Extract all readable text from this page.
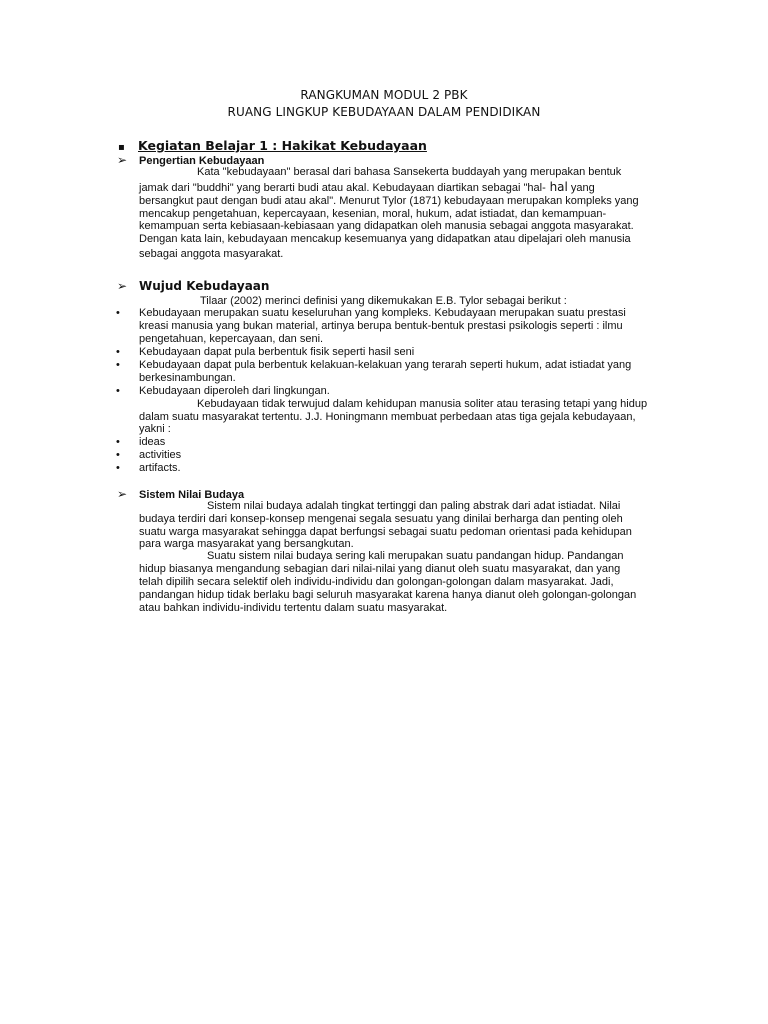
RANGKUMAN MODUL 2 PBK
RUANG LINGKUP KEBUDAYAAN DALAM PENDIDIKAN
▪ Kegiatan Belajar 1 : Hakikat Kebudayaan
➢ Pengertian Kebudayaan
Kata "kebudayaan" berasal dari bahasa Sansekerta buddayah yang merupakan bentuk
jamak dari "buddhi" yang berarti budi atau akal. Kebudayaan diartikan sebagai "hal- hal yang
bersangkut paut dengan budi atau akal". Menurut Tylor (1871) kebudayaan merupakan kompleks yang
mencakup pengetahuan, kepercayaan, kesenian, moral, hukum, adat istiadat, dan kemampuan-
kemampuan serta kebiasaan-kebiasaan yang didapatkan oleh manusia sebagai anggota masyarakat.
Dengan kata lain, kebudayaan mencakup kesemuanya yang didapatkan atau dipelajari oleh manusia
sebagai anggota masyarakat.
➢ Wujud Kebudayaan
Tilaar (2002) merinci definisi yang dikemukakan E.B. Tylor sebagai berikut :
• Kebudayaan merupakan suatu keseluruhan yang kompleks. Kebudayaan merupakan suatu prestasi
kreasi manusia yang bukan material, artinya berupa bentuk-bentuk prestasi psikologis seperti : ilmu
pengetahuan, kepercayaan, dan seni.
• Kebudayaan dapat pula berbentuk fisik seperti hasil seni
• Kebudayaan dapat pula berbentuk kelakuan-kelakuan yang terarah seperti hukum, adat istiadat yang
berkesinambungan.
• Kebudayaan diperoleh dari lingkungan.
Kebudayaan tidak terwujud dalam kehidupan manusia soliter atau terasing tetapi yang hidup
dalam suatu masyarakat tertentu. J.J. Honingmann membuat perbedaan atas tiga gejala kebudayaan,
yakni :
• ideas
• activities
• artifacts.
➢ Sistem Nilai Budaya
Sistem nilai budaya adalah tingkat tertinggi dan paling abstrak dari adat istiadat. Nilai
budaya terdiri dari konsep-konsep mengenai segala sesuatu yang dinilai berharga dan penting oleh
suatu warga masyarakat sehingga dapat berfungsi sebagai suatu pedoman orientasi pada kehidupan
para warga masyarakat yang bersangkutan.
Suatu sistem nilai budaya sering kali merupakan suatu pandangan hidup. Pandangan
hidup biasanya mengandung sebagian dari nilai-nilai yang dianut oleh suatu masyarakat, dan yang
telah dipilih secara selektif oleh individu-individu dan golongan-golongan dalam masyarakat. Jadi,
pandangan hidup tidak berlaku bagi seluruh masyarakat karena hanya dianut oleh golongan-golongan
atau bahkan individu-individu tertentu dalam suatu masyarakat.
